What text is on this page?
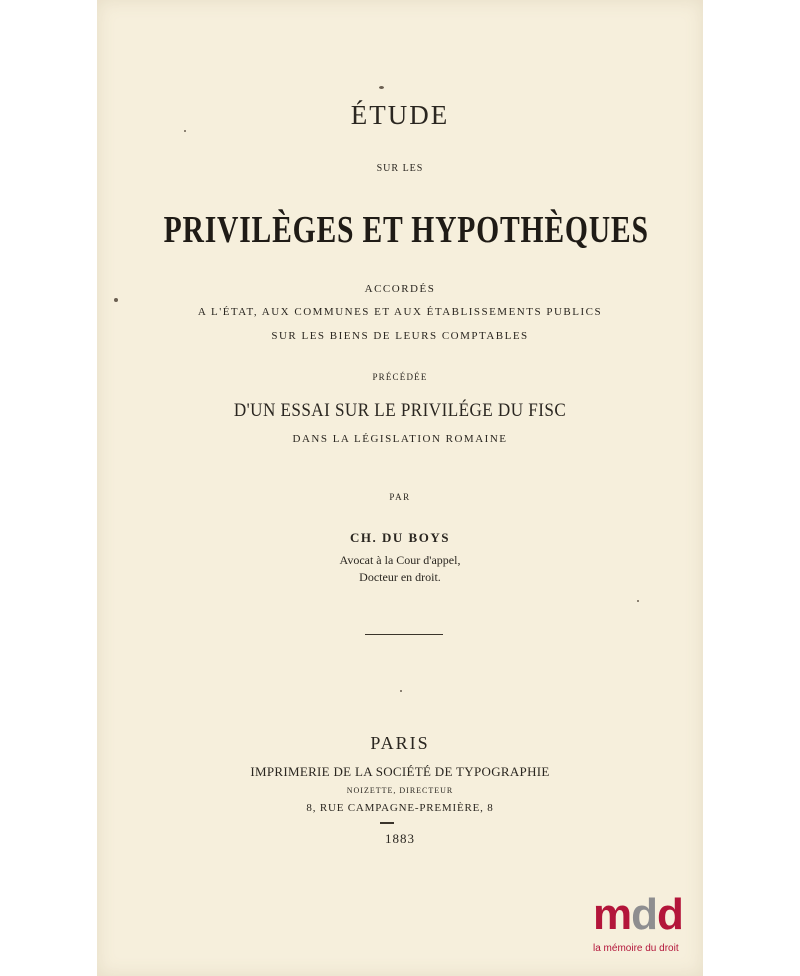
ÉTUDE
SUR LES
PRIVILÈGES ET HYPOTHÈQUES
ACCORDÉS
A L'ÉTAT, AUX COMMUNES ET AUX ÉTABLISSEMENTS PUBLICS
SUR LES BIENS DE LEURS COMPTABLES
PRÉCÉDÉE
D'UN ESSAI SUR LE PRIVILÉGE DU FISC
DANS LA LÉGISLATION ROMAINE
PAR
CH. DU BOYS
Avocat à la Cour d'appel,
Docteur en droit.
PARIS
IMPRIMERIE DE LA SOCIÉTÉ DE TYPOGRAPHIE
NOIZETTE, DIRECTEUR
8, RUE CAMPAGNE-PREMIÈRE, 8
1883
mdd
la mémoire du droit
